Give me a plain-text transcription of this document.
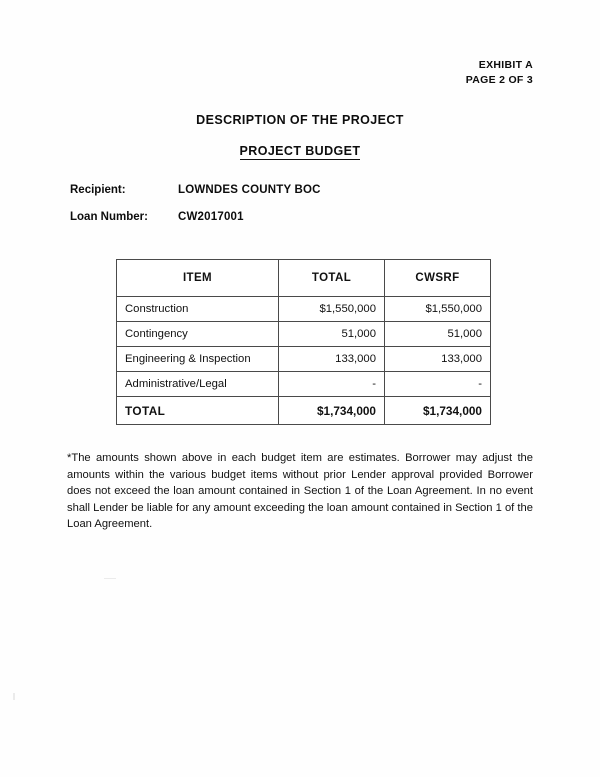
EXHIBIT A
PAGE 2 OF 3
DESCRIPTION OF THE PROJECT
PROJECT BUDGET
Recipient:	LOWNDES COUNTY BOC
Loan Number:	CW2017001
ITEM	TOTAL	CWSRF
Construction	$1,550,000	$1,550,000
Contingency	51,000	51,000
Engineering & Inspection	133,000	133,000
Administrative/Legal	-	-
TOTAL	$1,734,000	$1,734,000
*The amounts shown above in each budget item are estimates. Borrower may adjust the amounts within the various budget items without prior Lender approval provided Borrower does not exceed the loan amount contained in Section 1 of the Loan Agreement. In no event shall Lender be liable for any amount exceeding the loan amount contained in Section 1 of the Loan Agreement.
